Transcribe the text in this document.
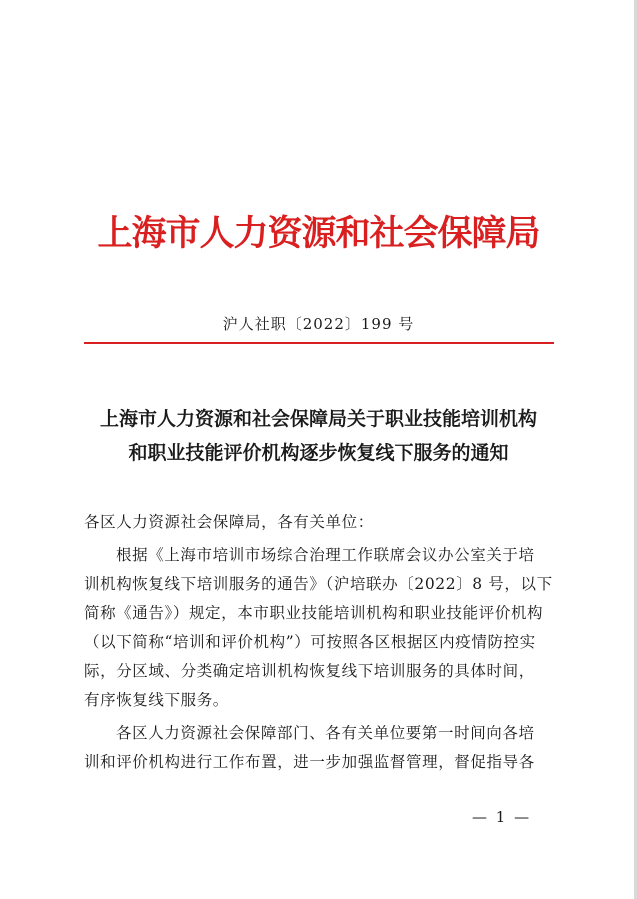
上海市人力资源和社会保障局
沪人社职〔2022〕199 号
上海市人力资源和社会保障局关于职业技能培训机构
和职业技能评价机构逐步恢复线下服务的通知
各区人力资源社会保障局，各有关单位：
根据《上海市培训市场综合治理工作联席会议办公室关于培
训机构恢复线下培训服务的通告》（沪培联办〔2022〕8 号，以下
简称《通告》）规定，本市职业技能培训机构和职业技能评价机构
（以下简称“培训和评价机构”）可按照各区根据区内疫情防控实
际，分区域、分类确定培训机构恢复线下培训服务的具体时间，
有序恢复线下服务。
各区人力资源社会保障部门、各有关单位要第一时间向各培
训和评价机构进行工作布置，进一步加强监督管理，督促指导各
— 1 —
